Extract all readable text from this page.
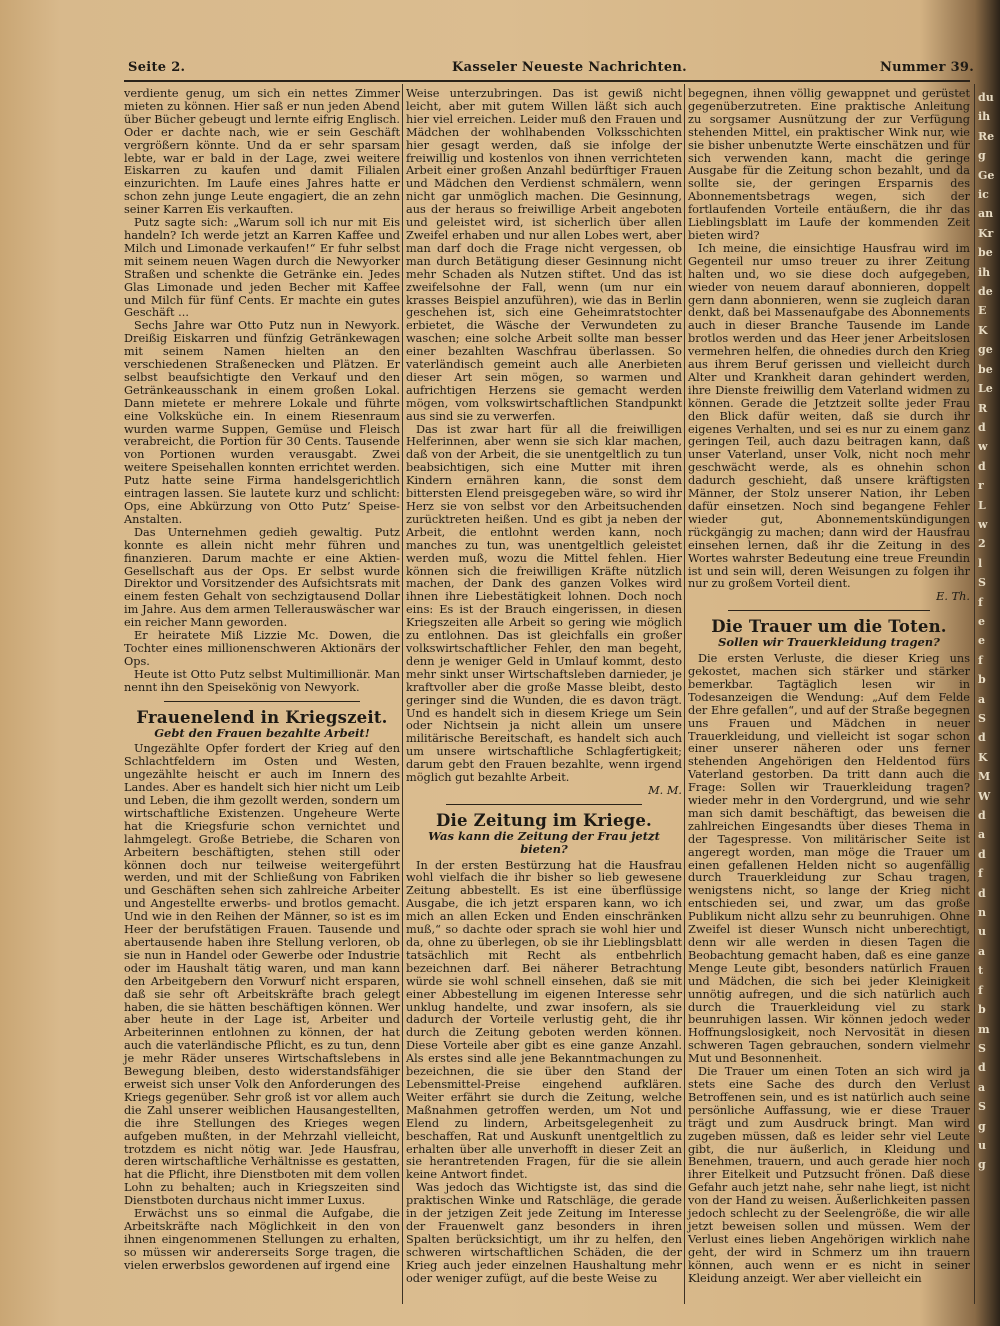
Seite 2.	Kasseler Neueste Nachrichten.	Nummer 39.

verdiente genug, um sich ein nettes Zimmer mieten zu können. Hier saß er nun jeden Abend über Bücher gebeugt und lernte eifrig Englisch. Oder er dachte nach, wie er sein Geschäft vergrößern könnte. Und da er sehr sparsam lebte, war er bald in der Lage, zwei weitere Eiskarren zu kaufen und damit Filialen einzurichten. Im Laufe eines Jahres hatte er schon zehn junge Leute engagiert, die an zehn seiner Karren Eis verkauften.

Putz sagte sich: „Warum soll ich nur mit Eis handeln? Ich werde jetzt an Karren Kaffee und Milch und Limonade verkaufen!“ Er fuhr selbst mit seinem neuen Wagen durch die Newyorker Straßen und schenkte die Getränke ein. Jedes Glas Limonade und jeden Becher mit Kaffee und Milch für fünf Cents. Er machte ein gutes Geschäft ...

Sechs Jahre war Otto Putz nun in Newyork. Dreißig Eiskarren und fünfzig Getränkewagen mit seinem Namen hielten an den verschiedenen Straßenecken und Plätzen. Er selbst beaufsichtigte den Verkauf und den Getränkeausschank in einem großen Lokal. Dann mietete er mehrere Lokale und führte eine Volksküche ein. In einem Riesenraum wurden warme Suppen, Gemüse und Fleisch verabreicht, die Portion für 30 Cents. Tausende von Portionen wurden verausgabt. Zwei weitere Speisehallen konnten errichtet werden. Putz hatte seine Firma handelsgerichtlich eintragen lassen. Sie lautete kurz und schlicht: Ops, eine Abkürzung von Otto Putz’ Speise-Anstalten.

Das Unternehmen gedieh gewaltig. Putz konnte es allein nicht mehr führen und finanzieren. Darum machte er eine Aktien-Gesellschaft aus der Ops. Er selbst wurde Direktor und Vorsitzender des Aufsichtsrats mit einem festen Gehalt von sechzigtausend Dollar im Jahre. Aus dem armen Tellerauswäscher war ein reicher Mann geworden.

Er heiratete Miß Lizzie Mc. Dowen, die Tochter eines millionenschweren Aktionärs der Ops.

Heute ist Otto Putz selbst Multimillionär. Man nennt ihn den Speisekönig von Newyork.

Frauenelend in Kriegszeit.
Gebt den Frauen bezahlte Arbeit!

Ungezählte Opfer fordert der Krieg auf den Schlachtfeldern im Osten und Westen, ungezählte heischt er auch im Innern des Landes. Aber es handelt sich hier nicht um Leib und Leben, die ihm gezollt werden, sondern um wirtschaftliche Existenzen. Ungeheure Werte hat die Kriegsfurie schon vernichtet und lahmgelegt. Große Betriebe, die Scharen von Arbeitern beschäftigten, stehen still oder können doch nur teilweise weitergeführt werden, und mit der Schließung von Fabriken und Geschäften sehen sich zahlreiche Arbeiter und Angestellte erwerbs- und brotlos gemacht. Und wie in den Reihen der Männer, so ist es im Heer der berufstätigen Frauen. Tausende und abertausende haben ihre Stellung verloren, ob sie nun in Handel oder Gewerbe oder Industrie oder im Haushalt tätig waren, und man kann den Arbeitgebern den Vorwurf nicht ersparen, daß sie sehr oft Arbeitskräfte brach gelegt haben, die sie hätten beschäftigen können. Wer aber heute in der Lage ist, Arbeiter und Arbeiterinnen entlohnen zu können, der hat auch die vaterländische Pflicht, es zu tun, denn je mehr Räder unseres Wirtschaftslebens in Bewegung bleiben, desto widerstandsfähiger erweist sich unser Volk den Anforderungen des Kriegs gegenüber. Sehr groß ist vor allem auch die Zahl unserer weiblichen Hausangestellten, die ihre Stellungen des Krieges wegen aufgeben mußten, in der Mehrzahl vielleicht, trotzdem es nicht nötig war. Jede Hausfrau, deren wirtschaftliche Verhältnisse es gestatten, hat die Pflicht, ihre Dienstboten mit dem vollen Lohn zu behalten; auch in Kriegszeiten sind Dienstboten durchaus nicht immer Luxus.

Erwächst uns so einmal die Aufgabe, die Arbeitskräfte nach Möglichkeit in den von ihnen eingenommenen Stellungen zu erhalten, so müssen wir andererseits Sorge tragen, die vielen erwerbslos gewordenen auf irgend eine

Weise unterzubringen. Das ist gewiß nicht leicht, aber mit gutem Willen läßt sich auch hier viel erreichen. Leider muß den Frauen und Mädchen der wohlhabenden Volksschichten hier gesagt werden, daß sie infolge der freiwillig und kostenlos von ihnen verrichteten Arbeit einer großen Anzahl bedürftiger Frauen und Mädchen den Verdienst schmälern, wenn nicht gar unmöglich machen. Die Gesinnung, aus der heraus so freiwillige Arbeit angeboten und geleistet wird, ist sicherlich über allen Zweifel erhaben und nur allen Lobes wert, aber man darf doch die Frage nicht vergessen, ob man durch Betätigung dieser Gesinnung nicht mehr Schaden als Nutzen stiftet. Und das ist zweifelsohne der Fall, wenn (um nur ein krasses Beispiel anzuführen), wie das in Berlin geschehen ist, sich eine Geheimratstochter erbietet, die Wäsche der Verwundeten zu waschen; eine solche Arbeit sollte man besser einer bezahlten Waschfrau überlassen. So vaterländisch gemeint auch alle Anerbieten dieser Art sein mögen, so warmen und aufrichtigen Herzens sie gemacht werden mögen, vom volkswirtschaftlichen Standpunkt aus sind sie zu verwerfen.

Das ist zwar hart für all die freiwilligen Helferinnen, aber wenn sie sich klar machen, daß von der Arbeit, die sie unentgeltlich zu tun beabsichtigen, sich eine Mutter mit ihren Kindern ernähren kann, die sonst dem bittersten Elend preisgegeben wäre, so wird ihr Herz sie von selbst vor den Arbeitsuchenden zurücktreten heißen. Und es gibt ja neben der Arbeit, die entlohnt werden kann, noch manches zu tun, was unentgeltlich geleistet werden muß, wozu die Mittel fehlen. Hier können sich die freiwilligen Kräfte nützlich machen, der Dank des ganzen Volkes wird ihnen ihre Liebestätigkeit lohnen. Doch noch eins: Es ist der Brauch eingerissen, in diesen Kriegszeiten alle Arbeit so gering wie möglich zu entlohnen. Das ist gleichfalls ein großer volkswirtschaftlicher Fehler, den man begeht, denn je weniger Geld in Umlauf kommt, desto mehr sinkt unser Wirtschaftsleben darnieder, je kraftvoller aber die große Masse bleibt, desto geringer sind die Wunden, die es davon trägt. Und es handelt sich in diesem Kriege um Sein oder Nichtsein ja nicht allein um unsere militärische Bereitschaft, es handelt sich auch um unsere wirtschaftliche Schlagfertigkeit; darum gebt den Frauen bezahlte, wenn irgend möglich gut bezahlte Arbeit.

M. M.
Die Zeitung im Kriege.
Was kann die Zeitung der Frau jetzt bieten?

In der ersten Bestürzung hat die Hausfrau wohl vielfach die ihr bisher so lieb gewesene Zeitung abbestellt. Es ist eine überflüssige Ausgabe, die ich jetzt ersparen kann, wo ich mich an allen Ecken und Enden einschränken muß,“ so dachte oder sprach sie wohl hier und da, ohne zu überlegen, ob sie ihr Lieblingsblatt tatsächlich mit Recht als entbehrlich bezeichnen darf. Bei näherer Betrachtung würde sie wohl schnell einsehen, daß sie mit einer Abbestellung im eigenen Interesse sehr unklug handelte, und zwar insofern, als sie dadurch der Vorteile verlustig geht, die ihr durch die Zeitung geboten werden können. Diese Vorteile aber gibt es eine ganze Anzahl. Als erstes sind alle jene Bekanntmachungen zu bezeichnen, die sie über den Stand der Lebensmittel-Preise eingehend aufklären. Weiter erfährt sie durch die Zeitung, welche Maßnahmen getroffen werden, um Not und Elend zu lindern, Arbeitsgelegenheit zu beschaffen, Rat und Auskunft unentgeltlich zu erhalten über alle unverhofft in dieser Zeit an sie herantretenden Fragen, für die sie allein keine Antwort findet.

Was jedoch das Wichtigste ist, das sind die praktischen Winke und Ratschläge, die gerade in der jetzigen Zeit jede Zeitung im Interesse der Frauenwelt ganz besonders in ihren Spalten berücksichtigt, um ihr zu helfen, den schweren wirtschaftlichen Schäden, die der Krieg auch jeder einzelnen Haushaltung mehr oder weniger zufügt, auf die beste Weise zu

begegnen, ihnen völlig gewappnet und gerüstet gegenüberzutreten. Eine praktische Anleitung zu sorgsamer Ausnützung der zur Verfügung stehenden Mittel, ein praktischer Wink nur, wie sie bisher unbenutzte Werte einschätzen und für sich verwenden kann, macht die geringe Ausgabe für die Zeitung schon bezahlt, und da sollte sie, der geringen Ersparnis des Abonnementsbetrags wegen, sich der fortlaufenden Vorteile entäußern, die ihr das Lieblingsblatt im Laufe der kommenden Zeit bieten wird?

Ich meine, die einsichtige Hausfrau wird im Gegenteil nur umso treuer zu ihrer Zeitung halten und, wo sie diese doch aufgegeben, wieder von neuem darauf abonnieren, doppelt gern dann abonnieren, wenn sie zugleich daran denkt, daß bei Massenaufgabe des Abonnements auch in dieser Branche Tausende im Lande brotlos werden und das Heer jener Arbeitslosen vermehren helfen, die ohnedies durch den Krieg aus ihrem Beruf gerissen und vielleicht durch Alter und Krankheit daran gehindert werden, ihre Dienste freiwillig dem Vaterland widmen zu können. Gerade die Jetztzeit sollte jeder Frau den Blick dafür weiten, daß sie durch ihr eigenes Verhalten, und sei es nur zu einem ganz geringen Teil, auch dazu beitragen kann, daß unser Vaterland, unser Volk, nicht noch mehr geschwächt werde, als es ohnehin schon dadurch geschieht, daß unsere kräftigsten Männer, der Stolz unserer Nation, ihr Leben dafür einsetzen. Noch sind begangene Fehler wieder gut, Abonnementskündigungen rückgängig zu machen; dann wird der Hausfrau einsehen lernen, daß ihr die Zeitung in des Wortes wahrster Bedeutung eine treue Freundin ist und sein will, deren Weisungen zu folgen ihr nur zu großem Vorteil dient.

E. Th.
Die Trauer um die Toten.
Sollen wir Trauerkleidung tragen?

Die ersten Verluste, die dieser Krieg uns gekostet, machen sich stärker und stärker bemerkbar. Tagtäglich lesen wir in Todesanzeigen die Wendung: „Auf dem Felde der Ehre gefallen“, und auf der Straße begegnen uns Frauen und Mädchen in neuer Trauerkleidung, und vielleicht ist sogar schon einer unserer näheren oder uns ferner stehenden Angehörigen den Heldentod fürs Vaterland gestorben. Da tritt dann auch die Frage: Sollen wir Trauerkleidung tragen? wieder mehr in den Vordergrund, und wie sehr man sich damit beschäftigt, das beweisen die zahlreichen Eingesandts über dieses Thema in der Tagespresse. Von militärischer Seite ist angeregt worden, man möge die Trauer um einen gefallenen Helden nicht so augenfällig durch Trauerkleidung zur Schau tragen, wenigstens nicht, so lange der Krieg nicht entschieden sei, und zwar, um das große Publikum nicht allzu sehr zu beunruhigen. Ohne Zweifel ist dieser Wunsch nicht unberechtigt, denn wir alle werden in diesen Tagen die Beobachtung gemacht haben, daß es eine ganze Menge Leute gibt, besonders natürlich Frauen und Mädchen, die sich bei jeder Kleinigkeit unnötig aufregen, und die sich natürlich auch durch die Trauerkleidung viel zu stark beunruhigen lassen. Wir können jedoch weder Hoffnungslosigkeit, noch Nervosität in diesen schweren Tagen gebrauchen, sondern vielmehr Mut und Besonnenheit.

Die Trauer um einen Toten an sich wird ja stets eine Sache des durch den Verlust Betroffenen sein, und es ist natürlich auch seine persönliche Auffassung, wie er diese Trauer trägt und zum Ausdruck bringt. Man wird zugeben müssen, daß es leider sehr viel Leute gibt, die nur äußerlich, in Kleidung und Benehmen, trauern, und auch gerade hier noch ihrer Eitelkeit und Putzsucht frönen. Daß diese Gefahr auch jetzt nahe, sehr nahe liegt, ist nicht von der Hand zu weisen. Äußerlichkeiten passen jedoch schlecht zu der Seelengröße, die wir alle jetzt beweisen sollen und müssen. Wem der Verlust eines lieben Angehörigen wirklich nahe geht, der wird in Schmerz um ihn trauern können, auch wenn er es nicht in seiner Kleidung anzeigt. Wer aber vielleicht ein

du
ih
Re
g
Ge
ic
an
Kr
be
ih
de
E
K
ge
be
Le
R
d
w
d
r
L
w
2
l
S
f
e
e
f
b
a
S
d
K
M
W
d
a
d
f
d
n
u
a
t
f
b
m
S
d
a
S
g
u
g
